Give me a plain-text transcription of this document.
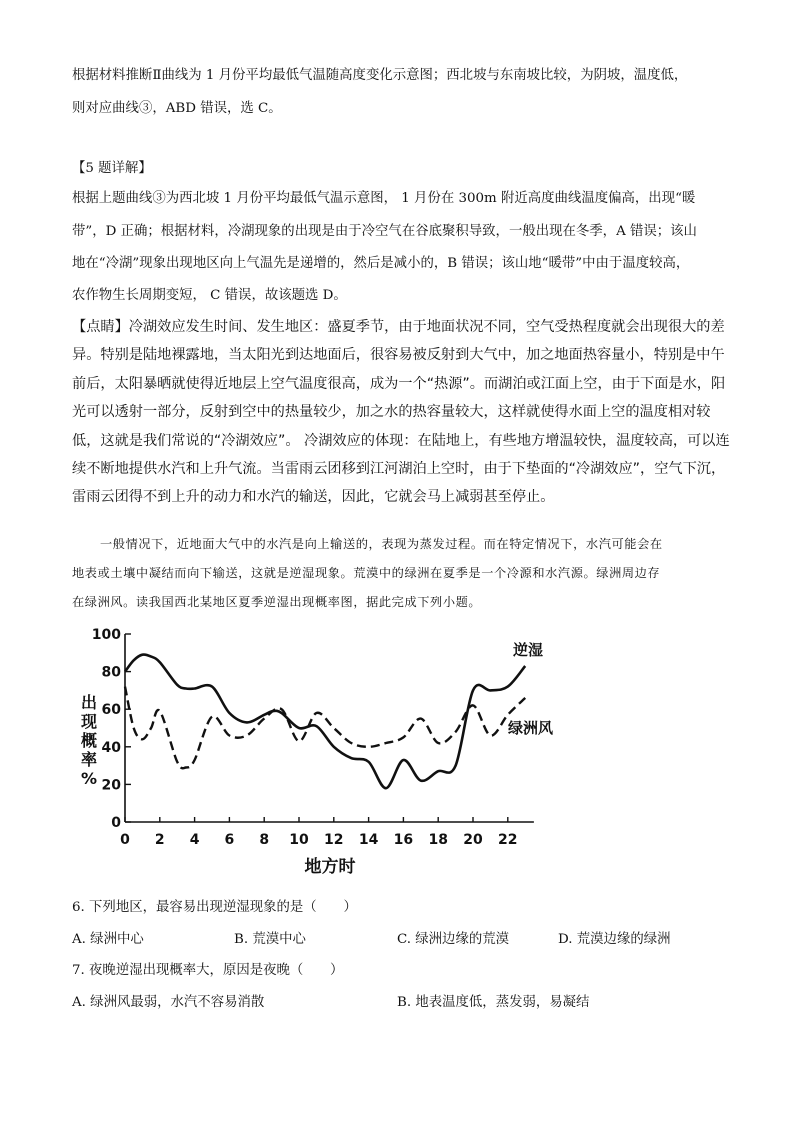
根据材料推断Ⅱ曲线为 1 月份平均最低气温随高度变化示意图；西北坡与东南坡比较，为阴坡，温度低，
则对应曲线③，ABD 错误，选 C。
【5 题详解】
根据上题曲线③为西北坡 1 月份平均最低气温示意图， 1 月份在 300m 附近高度曲线温度偏高，出现“暖
带”，D 正确；根据材料，冷湖现象的出现是由于冷空气在谷底聚积导致，一般出现在冬季，A 错误；该山
地在“冷湖”现象出现地区向上气温先是递增的，然后是减小的，B 错误；该山地“暖带”中由于温度较高，
农作物生长周期变短， C 错误，故该题选 D。
【点睛】冷湖效应发生时间、发生地区：盛夏季节，由于地面状况不同，空气受热程度就会出现很大的差
异。特别是陆地裸露地，当太阳光到达地面后，很容易被反射到大气中，加之地面热容量小，特别是中午
前后，太阳暴晒就使得近地层上空气温度很高，成为一个“热源”。而湖泊或江面上空，由于下面是水，阳
光可以透射一部分，反射到空中的热量较少，加之水的热容量较大，这样就使得水面上空的温度相对较
低，这就是我们常说的“冷湖效应”。 冷湖效应的体现：在陆地上，有些地方增温较快，温度较高，可以连
续不断地提供水汽和上升气流。当雷雨云团移到江河湖泊上空时，由于下垫面的“冷湖效应”，空气下沉，
雷雨云团得不到上升的动力和水汽的输送，因此，它就会马上减弱甚至停止。
一般情况下，近地面大气中的水汽是向上输送的，表现为蒸发过程。而在特定情况下，水汽可能会在
地表或土壤中凝结而向下输送，这就是逆湿现象。荒漠中的绿洲在夏季是一个冷源和水汽源。绿洲周边存
在绿洲风。读我国西北某地区夏季逆湿出现概率图，据此完成下列小题。
出
现
概
率
%
0
20
40
60
80
100
0 2 4 6 8 10 12 14 16 18 20 22
逆湿
绿洲风
地方时
6. 下列地区，最容易出现逆湿现象的是（　　）
A. 绿洲中心	B. 荒漠中心	C. 绿洲边缘的荒漠	D. 荒漠边缘的绿洲
7. 夜晚逆湿出现概率大，原因是夜晚（　　）
A. 绿洲风最弱，水汽不容易消散	B. 地表温度低，蒸发弱，易凝结
